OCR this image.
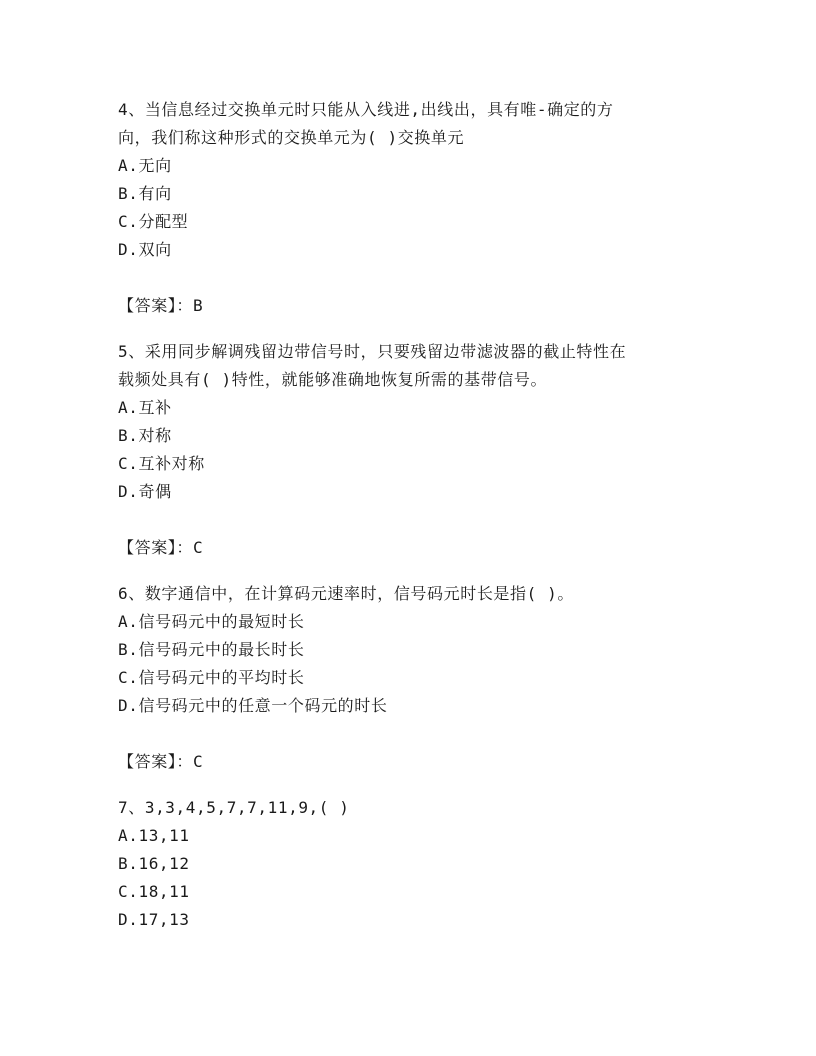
4、当信息经过交换单元时只能从入线进,出线出，具有唯-确定的方
向，我们称这种形式的交换单元为( )交换单元
A.无向
B.有向
C.分配型
D.双向
【答案】：B
5、采用同步解调残留边带信号时，只要残留边带滤波器的截止特性在
载频处具有( )特性，就能够准确地恢复所需的基带信号。
A.互补
B.对称
C.互补对称
D.奇偶
【答案】：C
6、数字通信中，在计算码元速率时，信号码元时长是指( )。
A.信号码元中的最短时长
B.信号码元中的最长时长
C.信号码元中的平均时长
D.信号码元中的任意一个码元的时长
【答案】：C
7、3,3,4,5,7,7,11,9,( )
A.13,11
B.16,12
C.18,11
D.17,13
